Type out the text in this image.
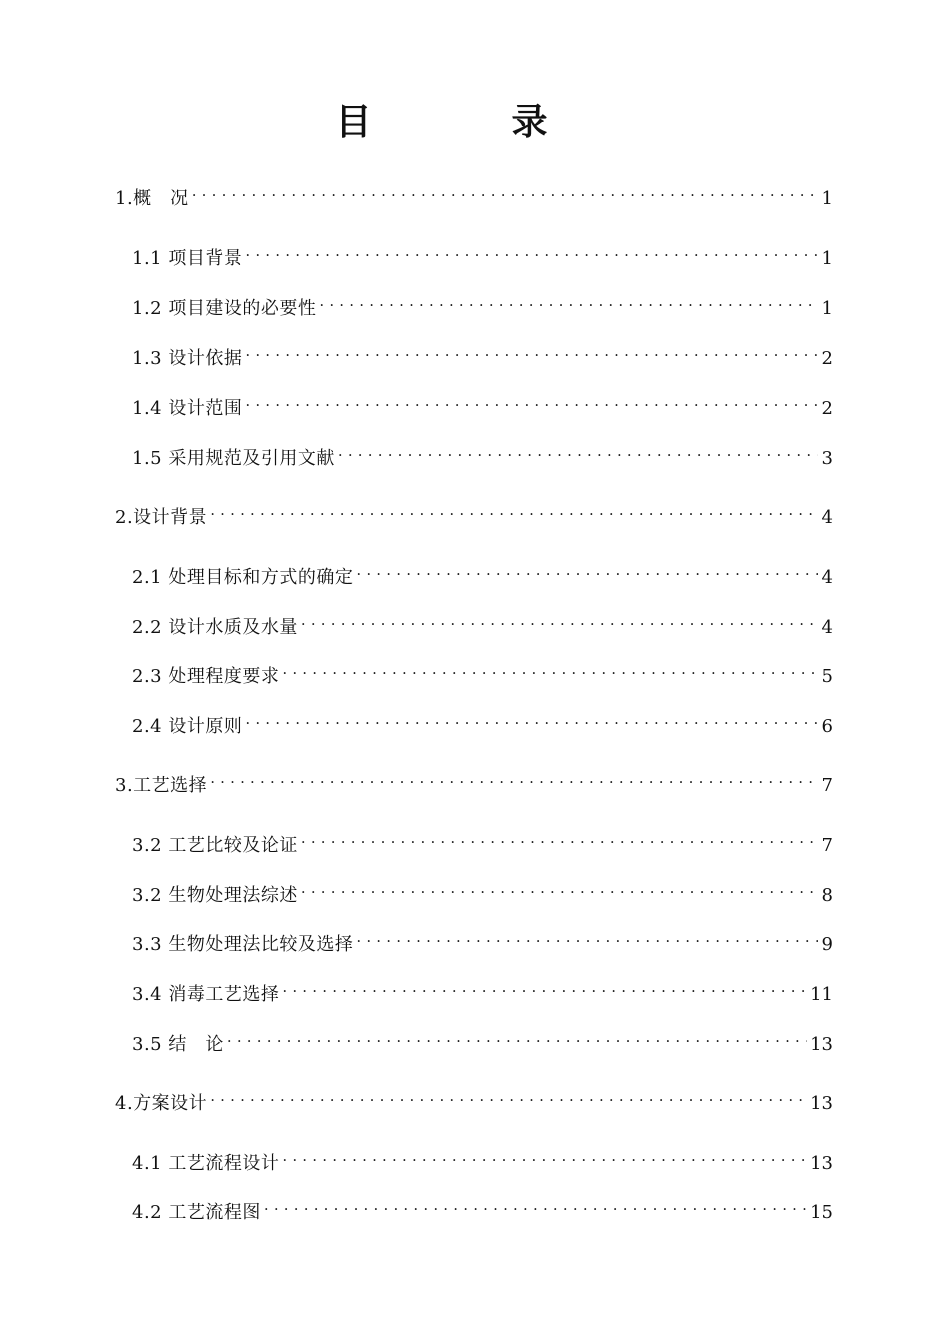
目　录
1.概　况 .....	1
1.1 项目背景 .....	1
1.2 项目建设的必要性 .....	1
1.3 设计依据 .....	2
1.4 设计范围 .....	2
1.5 采用规范及引用文献 .....	3
2.设计背景 .....	4
2.1 处理目标和方式的确定 .....	4
2.2 设计水质及水量 .....	4
2.3 处理程度要求 .....	5
2.4 设计原则 .....	6
3.工艺选择 .....	7
3.2 工艺比较及论证 .....	7
3.2 生物处理法综述 .....	8
3.3 生物处理法比较及选择 .....	9
3.4 消毒工艺选择 .....	11
3.5 结　论 .....	13
4.方案设计 .....	13
4.1 工艺流程设计 .....	13
4.2 工艺流程图 .....	15
